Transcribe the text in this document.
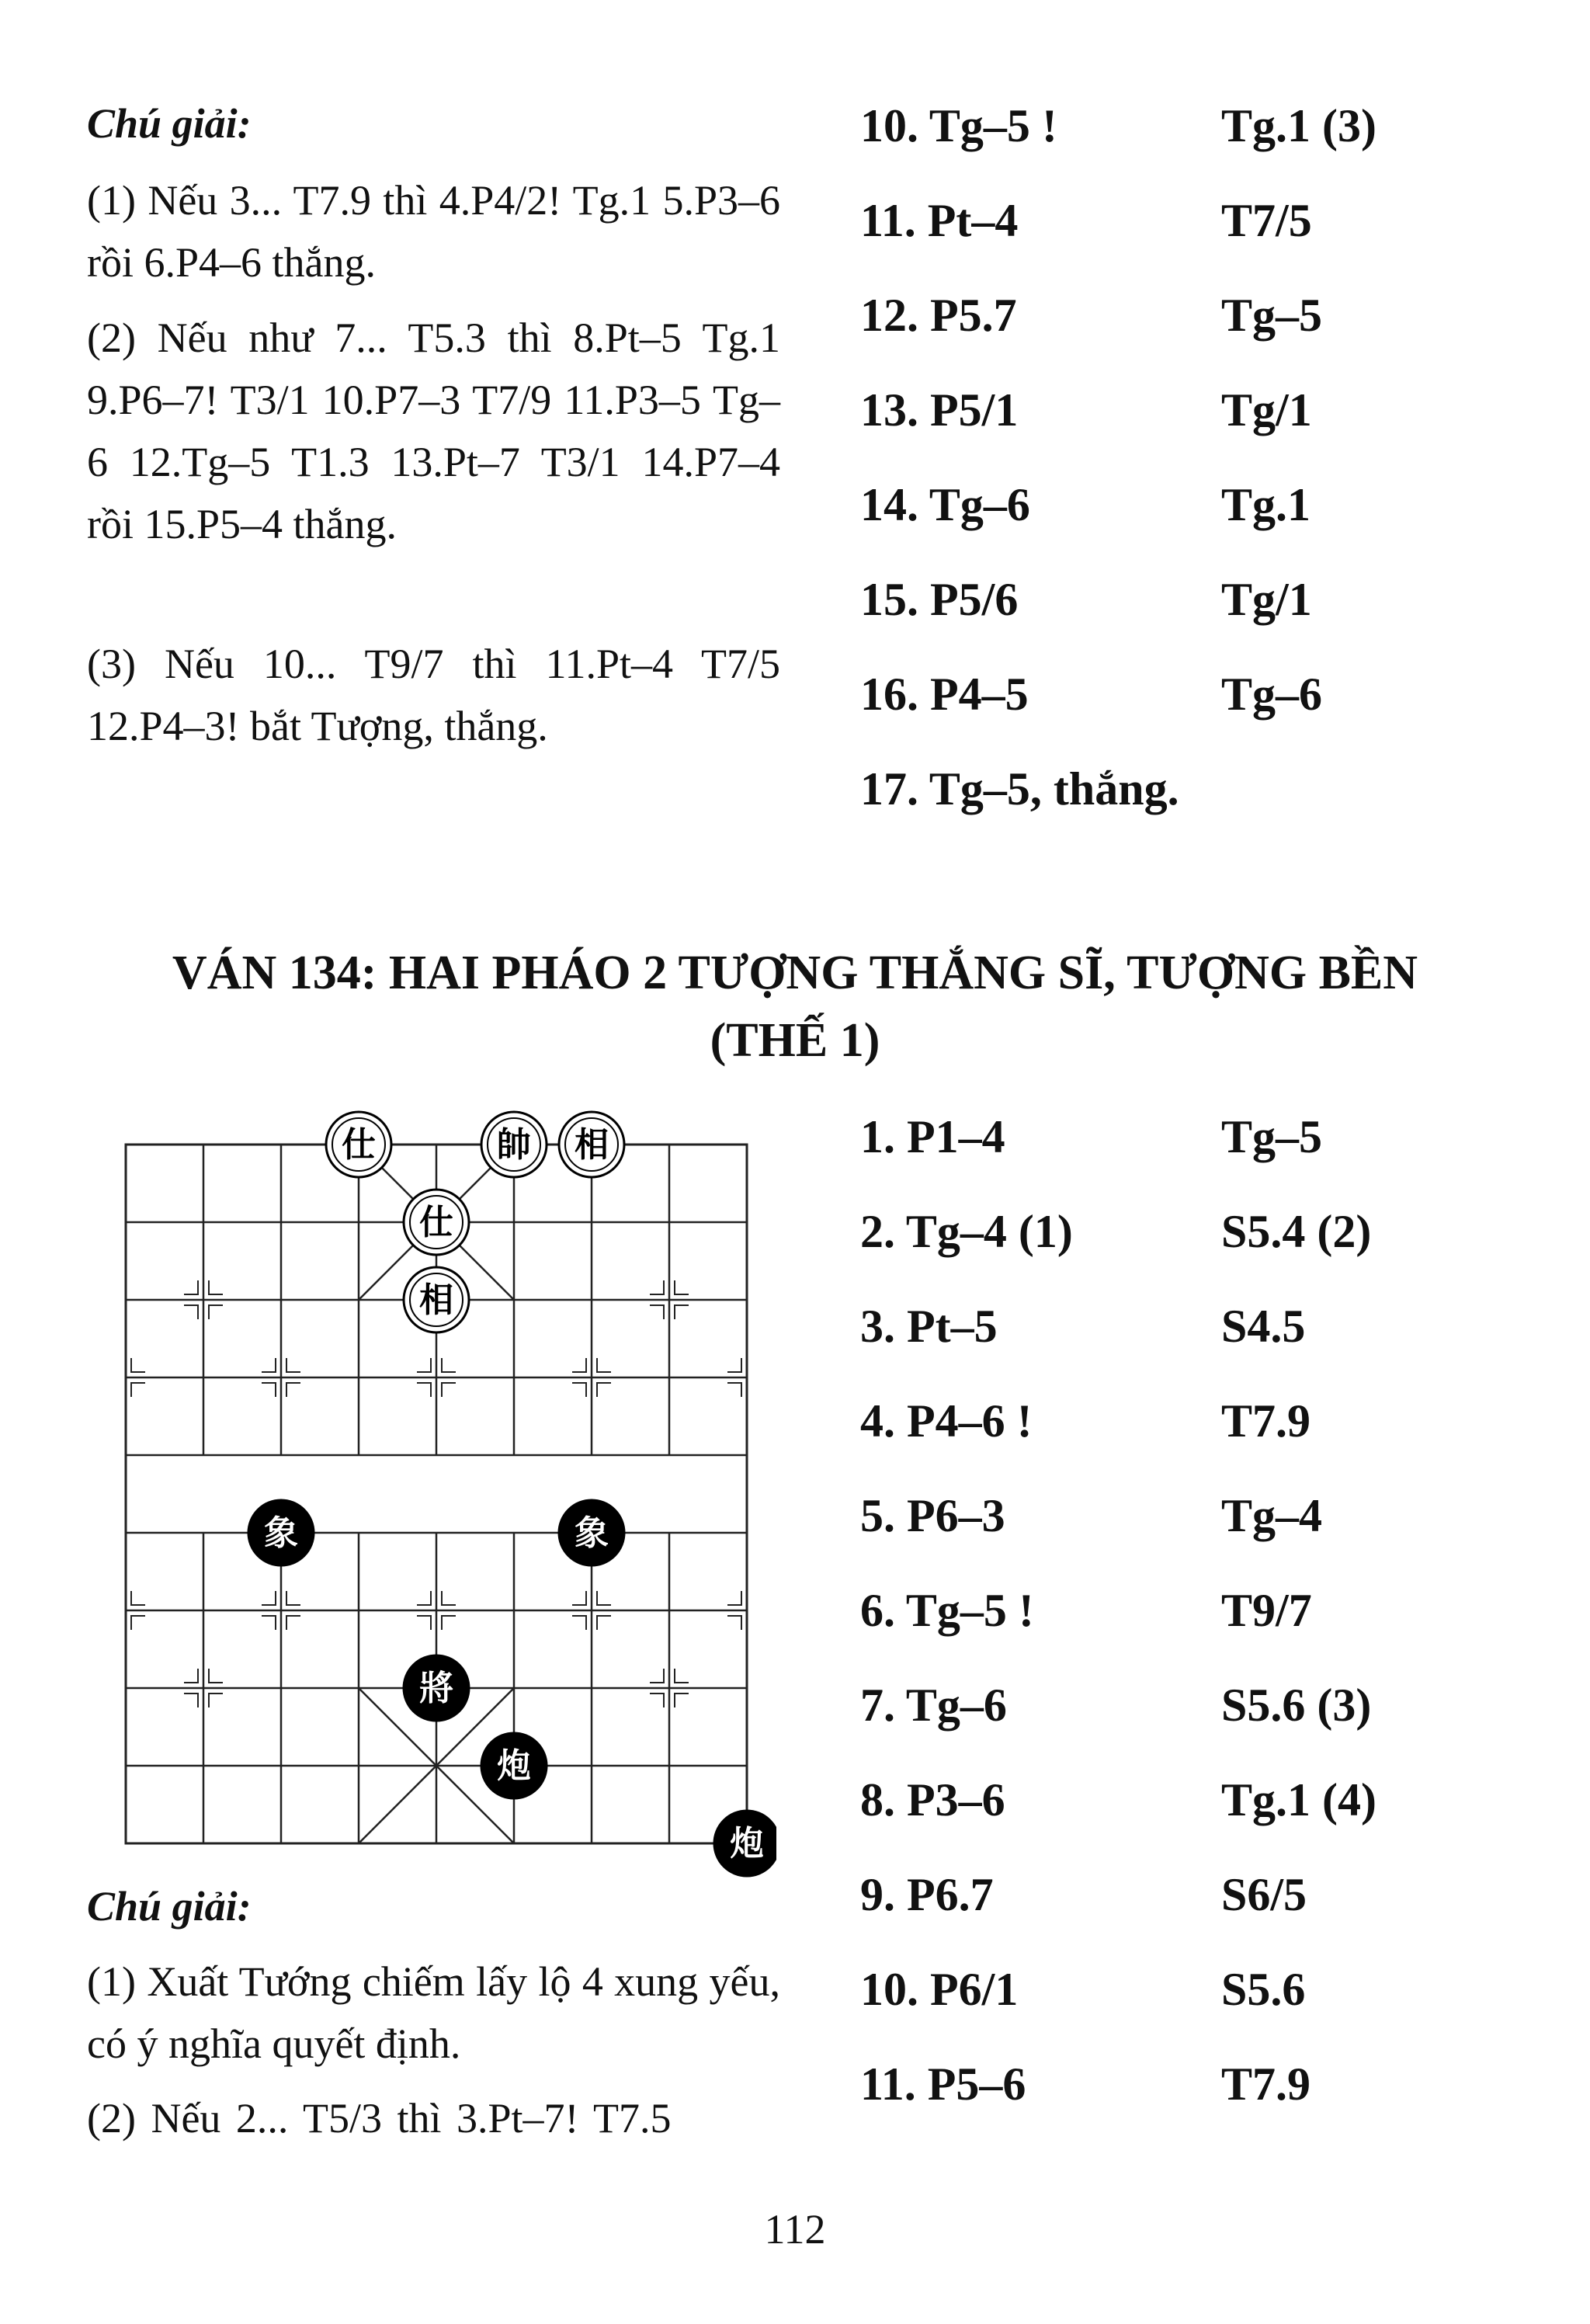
Chú giải:
(1) Nếu 3... T7.9 thì 4.P4/2! Tg.1 5.P3–6 rồi 6.P4–6 thắng.
(2) Nếu như 7... T5.3 thì 8.Pt–5 Tg.1 9.P6–7! T3/1 10.P7–3 T7/9 11.P3–5 Tg–6 12.Tg–5 T1.3 13.Pt–7 T3/1 14.P7–4 rồi 15.P5–4 thắng.
(3) Nếu 10... T9/7 thì 11.Pt–4 T7/5 12.P4–3! bắt Tượng, thắng.
10. Tg–5 !	Tg.1 (3)
11. Pt–4	T7/5
12. P5.7	Tg–5
13. P5/1	Tg/1
14. Tg–6	Tg.1
15. P5/6	Tg/1
16. P4–5	Tg–6
17. Tg–5, thắng.
VÁN 134: HAI PHÁO 2 TƯỢNG THẮNG SĨ, TƯỢNG BỀN
(THẾ 1)
仕	帥 相
仕
相
象	象
將
炮
炮
1. P1–4	Tg–5
2. Tg–4 (1)	S5.4 (2)
3. Pt–5	S4.5
4. P4–6 !	T7.9
5. P6–3	Tg–4
6. Tg–5 !	T9/7
7. Tg–6	S5.6 (3)
8. P3–6	Tg.1 (4)
9. P6.7	S6/5
10. P6/1	S5.6
11. P5–6	T7.9
Chú giải:
(1) Xuất Tướng chiếm lấy lộ 4 xung yếu, có ý nghĩa quyết định.
(2) Nếu 2... T5/3 thì 3.Pt–7! T7.5
112
